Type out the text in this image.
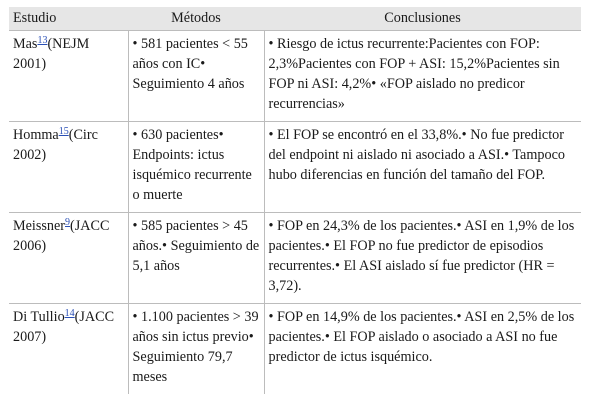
Estudio	Métodos	Conclusiones
Mas$^{13}$(NEJM 2001)	• 581 pacientes < 55 años con IC• Seguimiento 4 años	• Riesgo de ictus recurrente:Pacientes con FOP: 2,3%Pacientes con FOP + ASI: 15,2%Pacientes sin FOP ni ASI: 4,2%• «FOP aislado no predicor recurrencias»
Homma$^{15}$(Circ 2002)	• 630 pacientes• Endpoints: ictus isquémico recurrente o muerte	• El FOP se encontró en el 33,8%.• No fue predictor del endpoint ni aislado ni asociado a ASI.• Tampoco hubo diferencias en función del tamaño del FOP.
Meissner$^9$(JACC 2006)	• 585 pacientes > 45 años.• Seguimiento de 5,1 años	• FOP en 24,3% de los pacientes.• ASI en 1,9% de los pacientes.• El FOP no fue predictor de episodios recurrentes.• El ASI aislado sí fue predictor (HR = 3,72).
Di Tullio$^{14}$(JACC 2007)	• 1.100 pacientes > 39 años sin ictus previo• Seguimiento 79,7 meses	• FOP en 14,9% de los pacientes.• ASI en 2,5% de los pacientes.• El FOP aislado o asociado a ASI no fue predictor de ictus isquémico.
